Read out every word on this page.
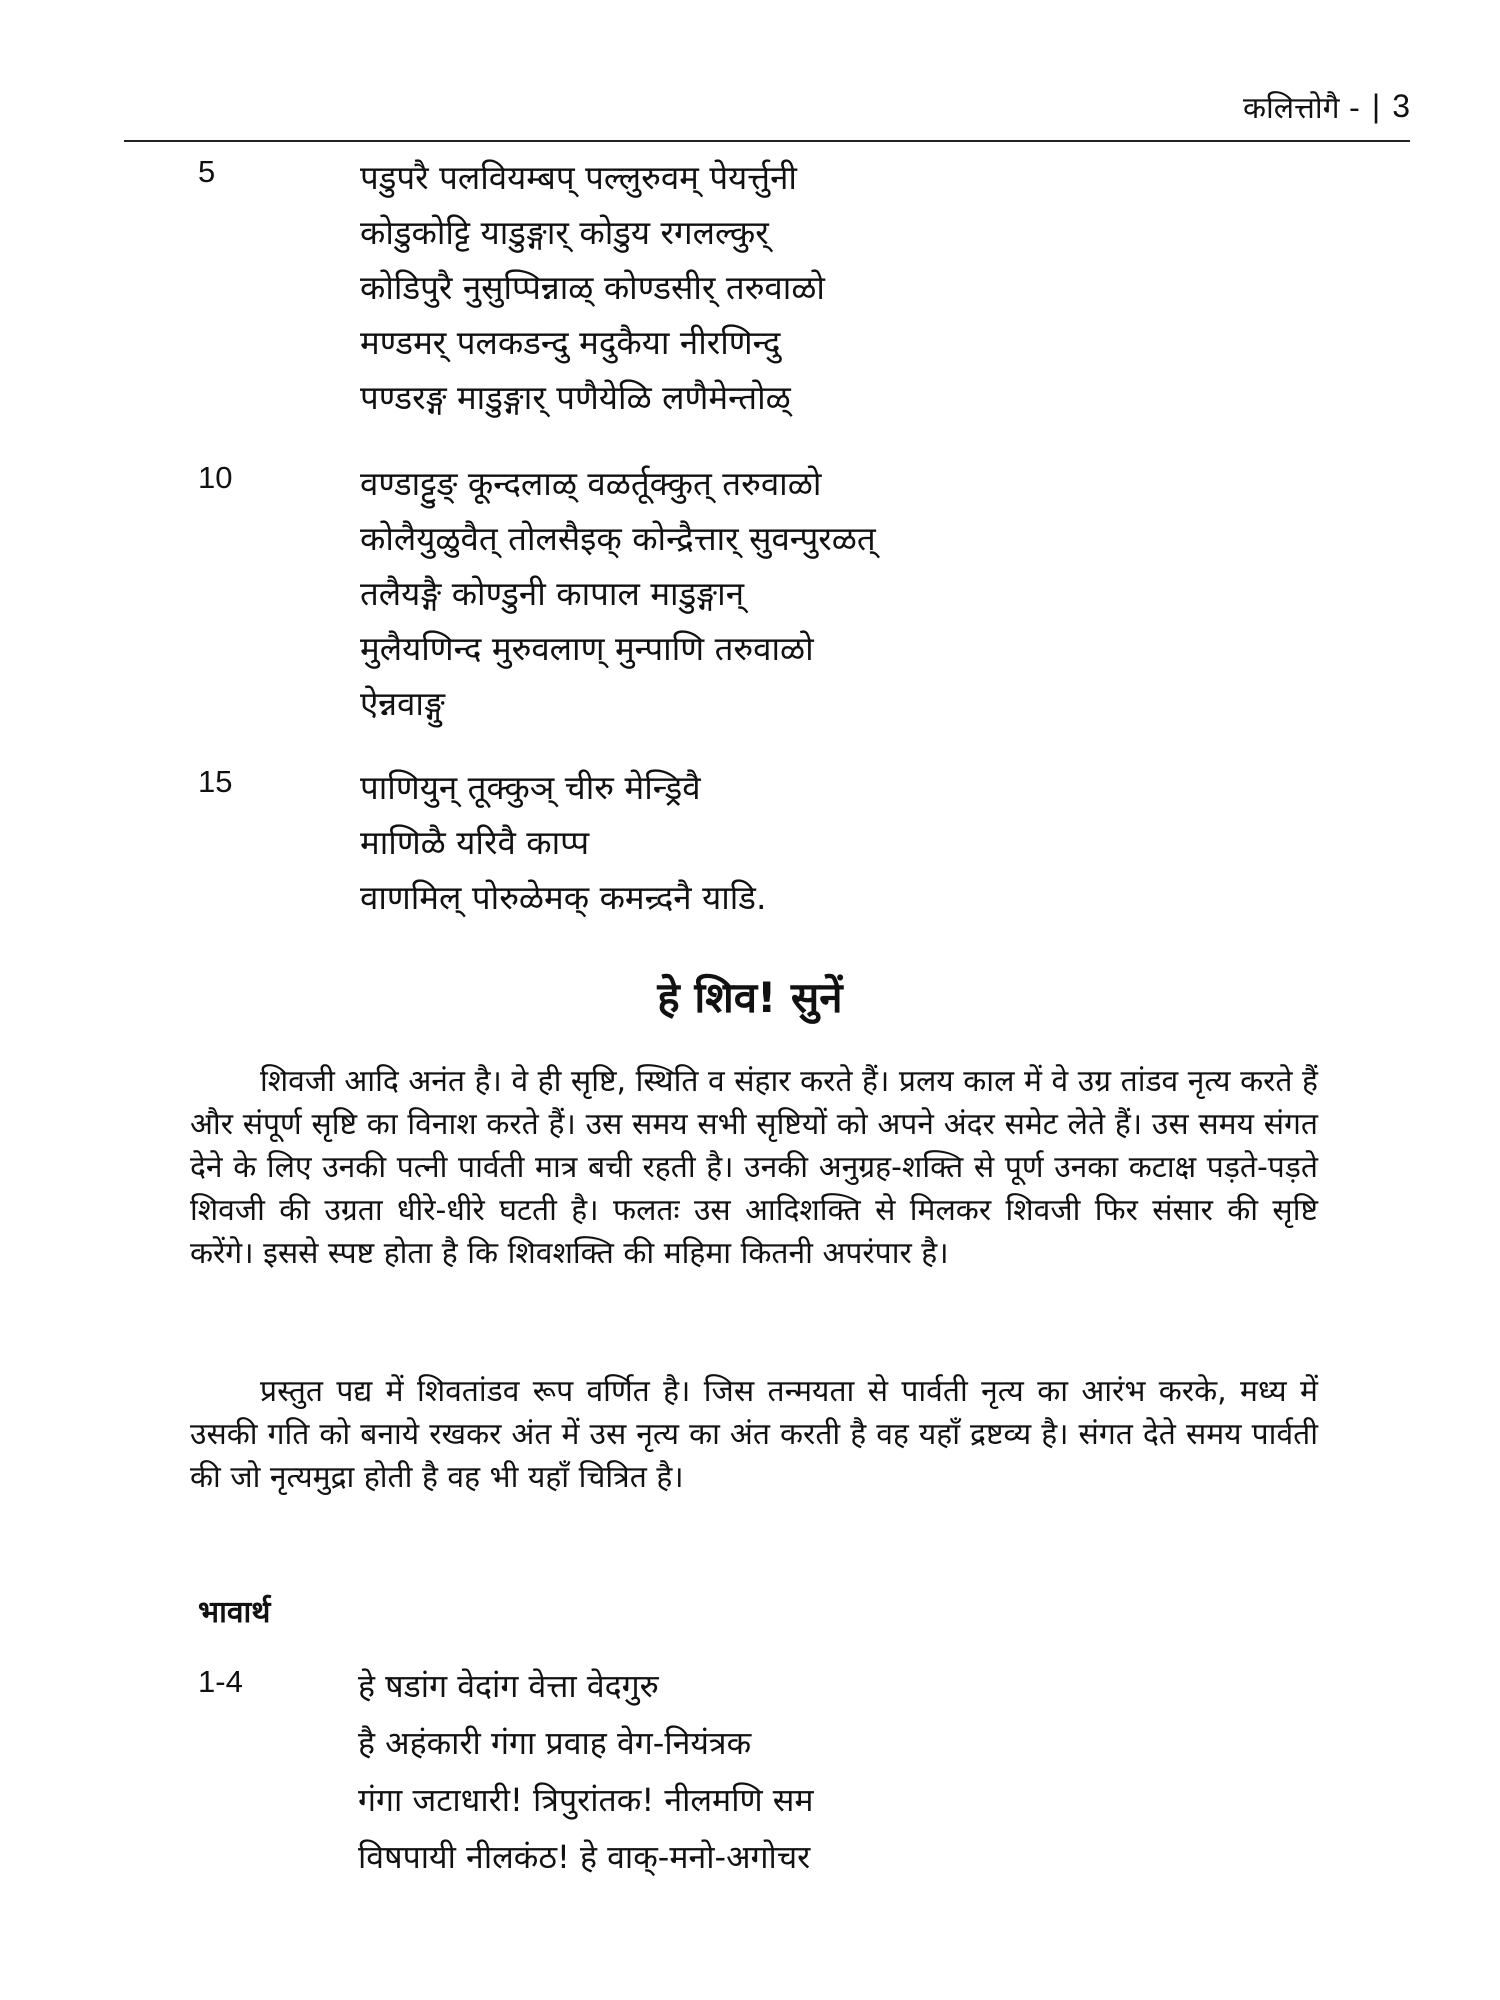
कलित्तोगै - | 3
5	पडुपरै पलवियम्बप् पल्लुरुवम् पेयर्त्तुनी
कोडुकोट्टि याडुङ्गार् कोडुय रगलल्कुर्
कोडिपुरै नुसुप्पिन्नाळ् कोण्डसीर् तरुवाळो
मण्डमर् पलकडन्दु मदुकैया नीरणिन्दु
पण्डरङ्ग माडुङ्गार् पणैयेळि लणैमेन्तोळ्
10	वण्डाट्टुङ् कून्दलाळ् वळर्तूक्कुत् तरुवाळो
कोलैयुळुवैत् तोलसैइक् कोन्द्रैत्तार् सुवन्पुरळत्
तलैयङ्गै कोण्डुनी कापाल माडुङ्गान्
मुलैयणिन्द मुरुवलाण् मुन्पाणि तरुवाळो
ऐन्नवाङ्गु
15	पाणियुन् तूक्कुञ् चीरु मेन्ड्रिवै
माणिळै यरिवै काप्प
वाणमिल् पोरुळेमक् कमन्र्दनै याडि.
हे शिव! सुनें

शिवजी आदि अनंत है। वे ही सृष्टि, स्थिति व संहार करते हैं। प्रलय काल में वे उग्र तांडव नृत्य करते हैं और संपूर्ण सृष्टि का विनाश करते हैं। उस समय सभी सृष्टियों को अपने अंदर समेट लेते हैं। उस समय संगत देने के लिए उनकी पत्नी पार्वती मात्र बची रहती है। उनकी अनुग्रह-शक्ति से पूर्ण उनका कटाक्ष पड़ते-पड़ते शिवजी की उग्रता धीरे-धीरे घटती है। फलतः उस आदिशक्ति से मिलकर शिवजी फिर संसार की सृष्टि करेंगे। इससे स्पष्ट होता है कि शिवशक्ति की महिमा कितनी अपरंपार है।

प्रस्तुत पद्य में शिवतांडव रूप वर्णित है। जिस तन्मयता से पार्वती नृत्य का आरंभ करके, मध्य में उसकी गति को बनाये रखकर अंत में उस नृत्य का अंत करती है वह यहाँ द्रष्टव्य है। संगत देते समय पार्वती की जो नृत्यमुद्रा होती है वह भी यहाँ चित्रित है।

भावार्थ
1-4	हे षडांग वेदांग वेत्ता वेदगुरु
है अहंकारी गंगा प्रवाह वेग-नियंत्रक
गंगा जटाधारी! त्रिपुरांतक! नीलमणि सम
विषपायी नीलकंठ! हे वाक्-मनो-अगोचर
